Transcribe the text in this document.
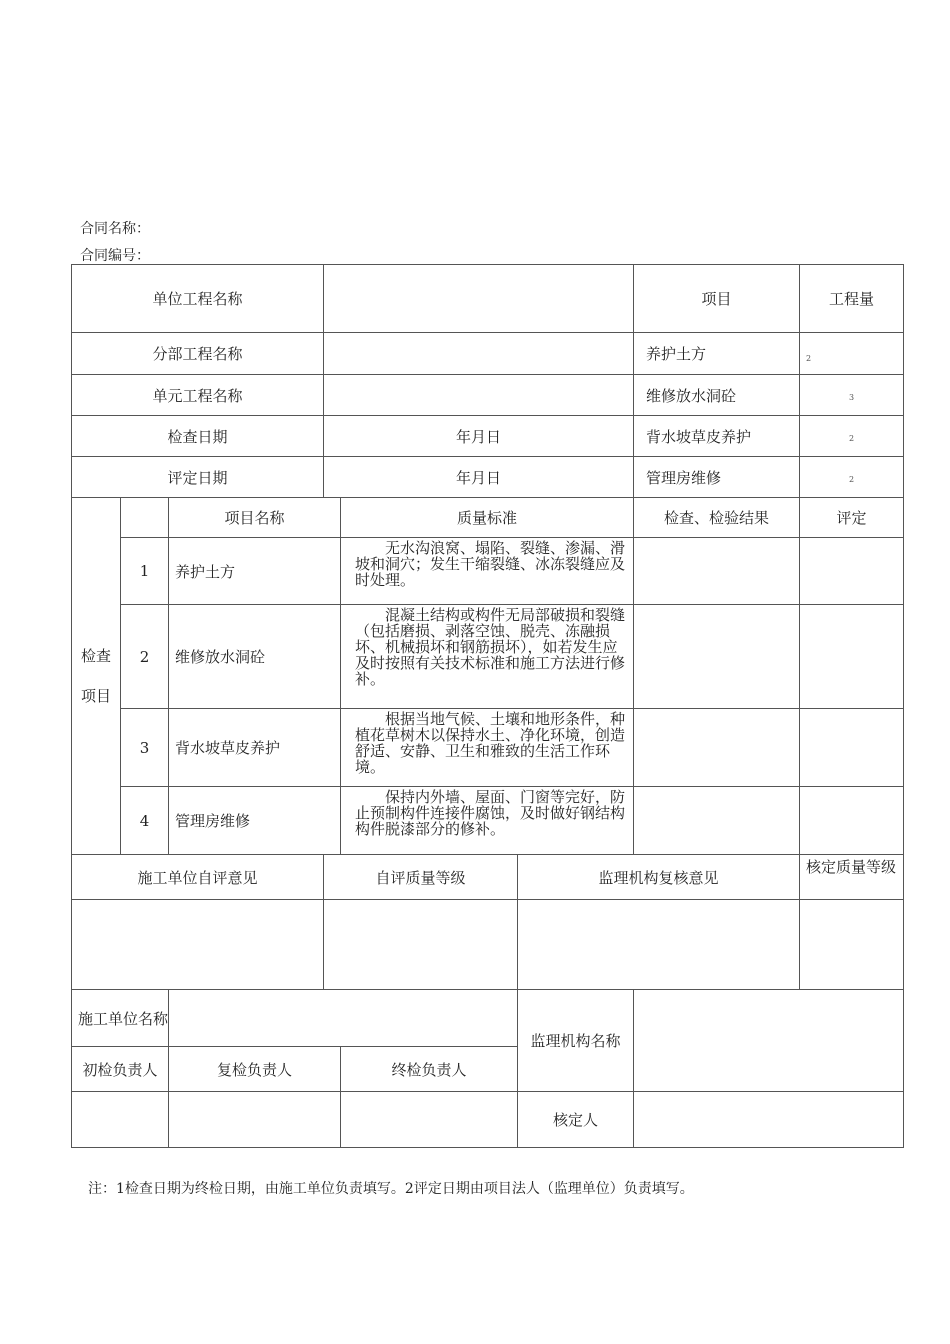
合同名称：
合同编号：
单位工程名称						项目	工程量
分部工程名称						养护土方	2
单元工程名称						维修放水洞砼	3
检查日期			年月日			背水坡草皮养护	2
评定日期			年月日			管理房维修	2
检查
项目		项目名称		质量标准		检查、检验结果	评定
	1	养护土方		无水沟浪窝、塌陷、裂缝、渗漏、滑坡和洞穴；发生干缩裂缝、冰冻裂缝应及时处理。			
	2	维修放水洞砼		混凝土结构或构件无局部破损和裂缝（包括磨损、剥落空蚀、脱壳、冻融损坏、机械损坏和钢筋损坏），如若发生应及时按照有关技术标准和施工方法进行修补。			
	3	背水坡草皮养护		根据当地气候、土壤和地形条件，种植花草树木以保持水土、净化环境，创造舒适、安静、卫生和雅致的生活工作环境。			
	4	管理房维修		保持内外墙、屋面、门窗等完好，防止预制构件连接件腐蚀，及时做好钢结构构件脱漆部分的修补。			
施工单位自评意见			自评质量等级		监理机构复核意见		核定质量等级

施工单位名称					监理机构名称		
初检负责人		复检负责人		终检负责人			
					核定人		
注：1检查日期为终检日期，由施工单位负责填写。2评定日期由项目法人（监理单位）负责填写。
